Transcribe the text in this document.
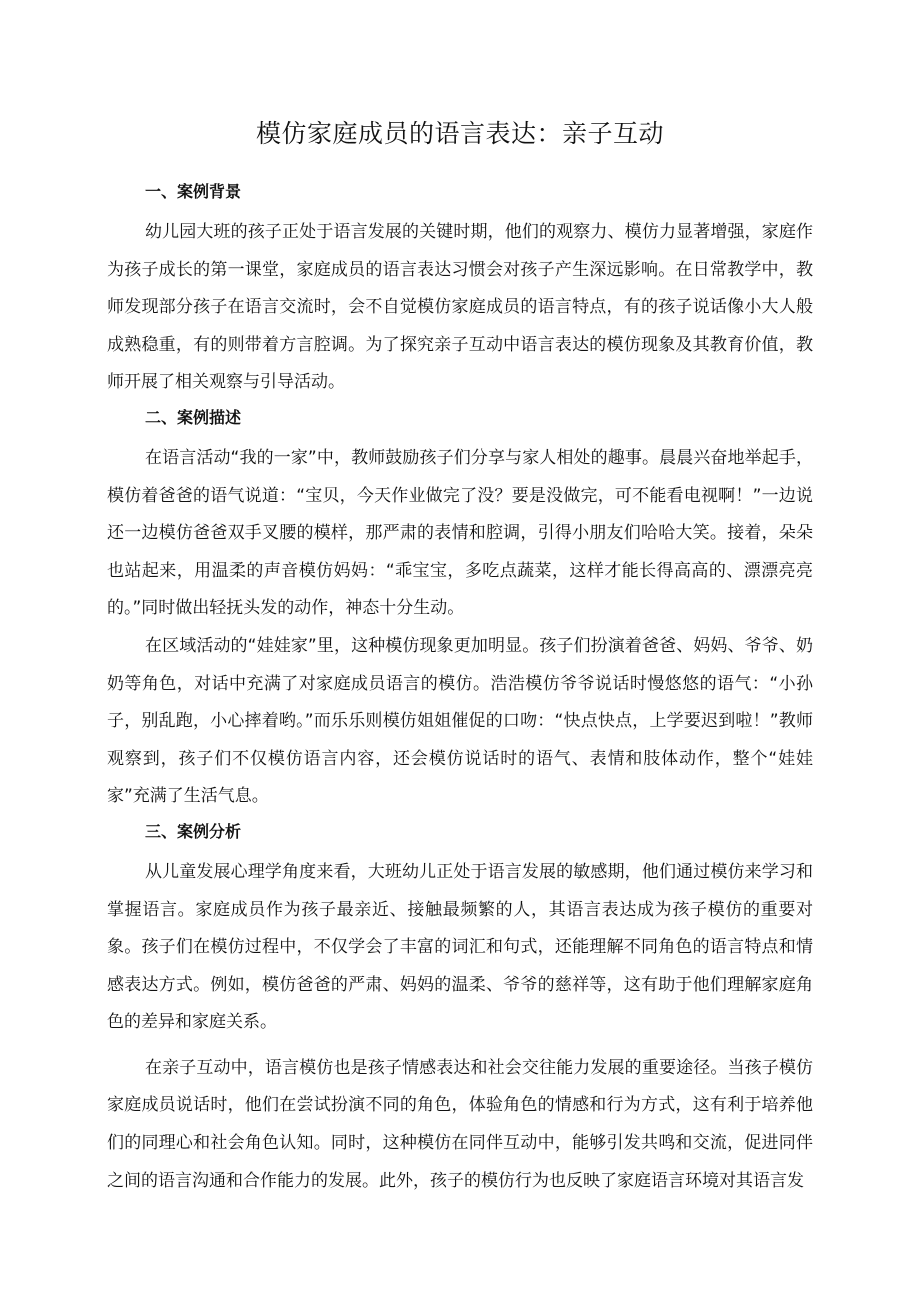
模仿家庭成员的语言表达：亲子互动
一、案例背景

幼儿园大班的孩子正处于语言发展的关键时期，他们的观察力、模仿力显著增强，家庭作为孩子成长的第一课堂，家庭成员的语言表达习惯会对孩子产生深远影响。在日常教学中，教师发现部分孩子在语言交流时，会不自觉模仿家庭成员的语言特点，有的孩子说话像小大人般成熟稳重，有的则带着方言腔调。为了探究亲子互动中语言表达的模仿现象及其教育价值，教师开展了相关观察与引导活动。

二、案例描述

在语言活动“我的一家”中，教师鼓励孩子们分享与家人相处的趣事。晨晨兴奋地举起手，模仿着爸爸的语气说道：“宝贝，今天作业做完了没？要是没做完，可不能看电视啊！”一边说还一边模仿爸爸双手叉腰的模样，那严肃的表情和腔调，引得小朋友们哈哈大笑。接着，朵朵也站起来，用温柔的声音模仿妈妈：“乖宝宝，多吃点蔬菜，这样才能长得高高的、漂漂亮亮的。”同时做出轻抚头发的动作，神态十分生动。

在区域活动的“娃娃家”里，这种模仿现象更加明显。孩子们扮演着爸爸、妈妈、爷爷、奶奶等角色，对话中充满了对家庭成员语言的模仿。浩浩模仿爷爷说话时慢悠悠的语气：“小孙子，别乱跑，小心摔着哟。”而乐乐则模仿姐姐催促的口吻：“快点快点，上学要迟到啦！”教师观察到，孩子们不仅模仿语言内容，还会模仿说话时的语气、表情和肢体动作，整个“娃娃家”充满了生活气息。

三、案例分析

从儿童发展心理学角度来看，大班幼儿正处于语言发展的敏感期，他们通过模仿来学习和掌握语言。家庭成员作为孩子最亲近、接触最频繁的人，其语言表达成为孩子模仿的重要对象。孩子们在模仿过程中，不仅学会了丰富的词汇和句式，还能理解不同角色的语言特点和情感表达方式。例如，模仿爸爸的严肃、妈妈的温柔、爷爷的慈祥等，这有助于他们理解家庭角色的差异和家庭关系。

在亲子互动中，语言模仿也是孩子情感表达和社会交往能力发展的重要途径。当孩子模仿家庭成员说话时，他们在尝试扮演不同的角色，体验角色的情感和行为方式，这有利于培养他们的同理心和社会角色认知。同时，这种模仿在同伴互动中，能够引发共鸣和交流，促进同伴之间的语言沟通和合作能力的发展。此外，孩子的模仿行为也反映了家庭语言环境对其语言发
